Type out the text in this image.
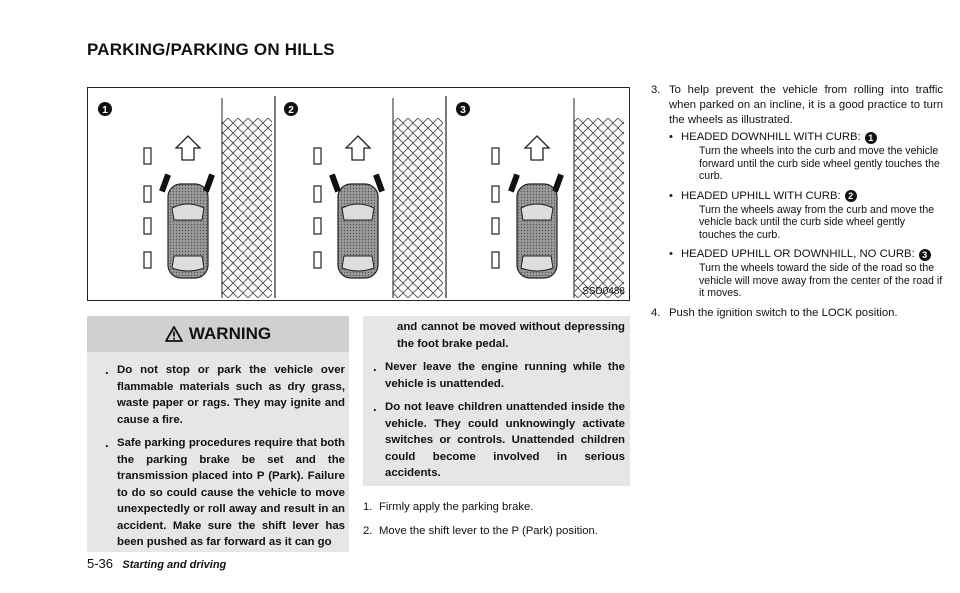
PARKING/PARKING ON HILLS
1	2	3
SSD0488
WARNING
. Do not stop or park the vehicle over flammable materials such as dry grass, waste paper or rags. They may ignite and cause a fire.
. Safe parking procedures require that both the parking brake be set and the transmission placed into P (Park). Failure to do so could cause the vehicle to move unexpectedly or roll away and result in an accident. Make sure the shift lever has been pushed as far forward as it can go
and cannot be moved without depressing the foot brake pedal.
. Never leave the engine running while the vehicle is unattended.
. Do not leave children unattended inside the vehicle. They could unknowingly activate switches or controls. Unattended children could become involved in serious accidents.
1. Firmly apply the parking brake.
2. Move the shift lever to the P (Park) position.
3. To help prevent the vehicle from rolling into traffic when parked on an incline, it is a good practice to turn the wheels as illustrated.
• HEADED DOWNHILL WITH CURB: 1
Turn the wheels into the curb and move the vehicle forward until the curb side wheel gently touches the curb.
• HEADED UPHILL WITH CURB: 2
Turn the wheels away from the curb and move the vehicle back until the curb side wheel gently touches the curb.
• HEADED UPHILL OR DOWNHILL, NO CURB: 3
Turn the wheels toward the side of the road so the vehicle will move away from the center of the road if it moves.
4. Push the ignition switch to the LOCK position.
5-36 Starting and driving
